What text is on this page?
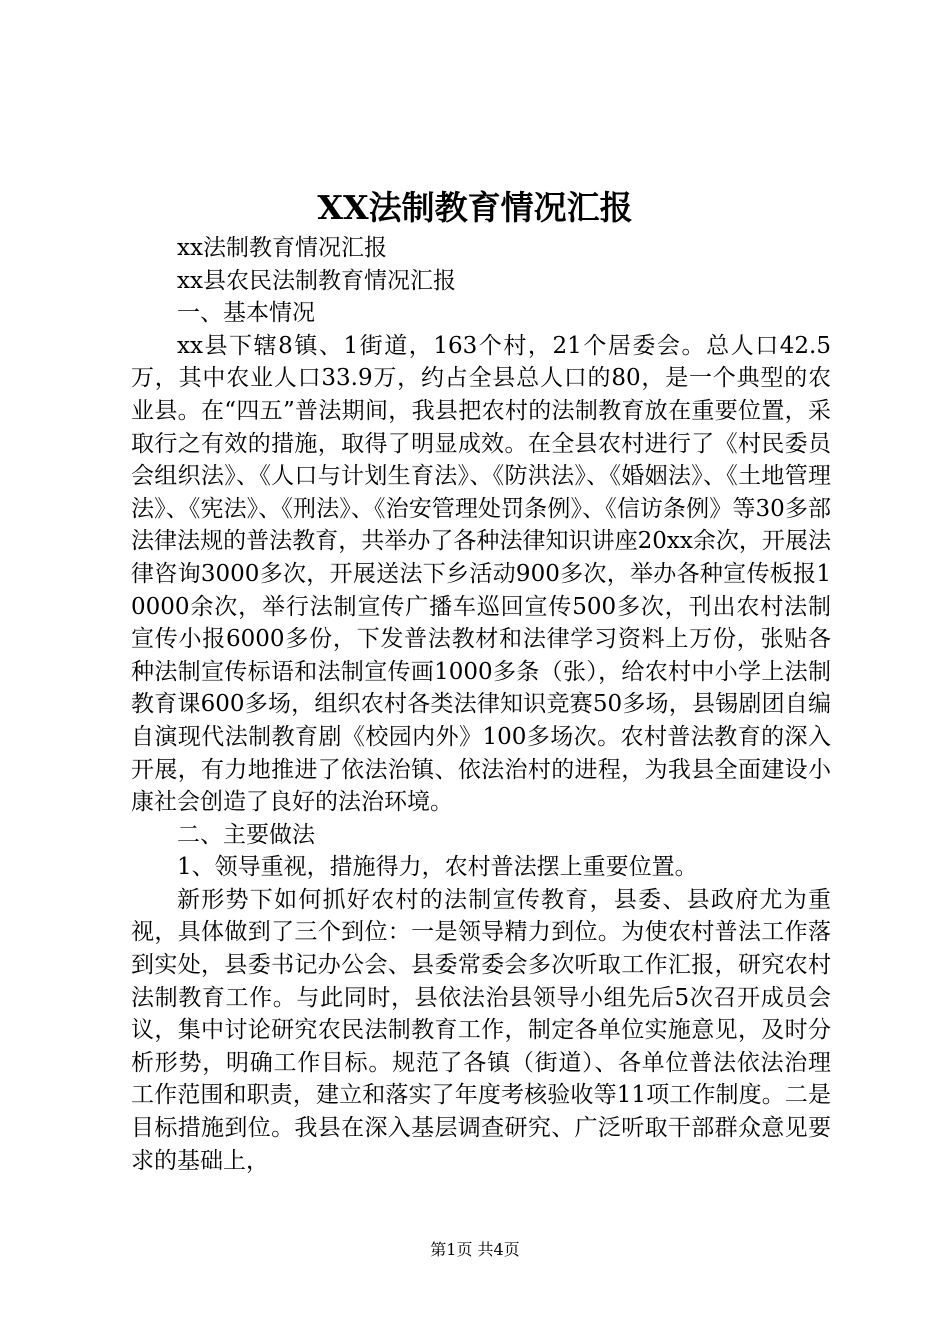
XX法制教育情况汇报

xx法制教育情况汇报

xx县农民法制教育情况汇报

一、基本情况

xx县下辖8镇、1街道，163个村，21个居委会。总人口42.5万，其中农业人口33.9万，约占全县总人口的80，是一个典型的农业县。在“四五”普法期间，我县把农村的法制教育放在重要位置，采取行之有效的措施，取得了明显成效。在全县农村进行了《村民委员会组织法》、《人口与计划生育法》、《防洪法》、《婚姻法》、《土地管理法》、《宪法》、《刑法》、《治安管理处罚条例》、《信访条例》等30多部法律法规的普法教育，共举办了各种法律知识讲座20xx余次，开展法律咨询3000多次，开展送法下乡活动900多次，举办各种宣传板报10000余次，举行法制宣传广播车巡回宣传500多次，刊出农村法制宣传小报6000多份，下发普法教材和法律学习资料上万份，张贴各种法制宣传标语和法制宣传画1000多条（张），给农村中小学上法制教育课600多场，组织农村各类法律知识竞赛50多场，县锡剧团自编自演现代法制教育剧《校园内外》100多场次。农村普法教育的深入开展，有力地推进了依法治镇、依法治村的进程，为我县全面建设小康社会创造了良好的法治环境。

二、主要做法

1、领导重视，措施得力，农村普法摆上重要位置。

新形势下如何抓好农村的法制宣传教育，县委、县政府尤为重视，具体做到了三个到位：一是领导精力到位。为使农村普法工作落到实处，县委书记办公会、县委常委会多次听取工作汇报，研究农村法制教育工作。与此同时，县依法治县领导小组先后5次召开成员会议，集中讨论研究农民法制教育工作，制定各单位实施意见，及时分析形势，明确工作目标。规范了各镇（街道）、各单位普法依法治理工作范围和职责，建立和落实了年度考核验收等11项工作制度。二是目标措施到位。我县在深入基层调查研究、广泛听取干部群众意见要求的基础上，

第1页 共4页
